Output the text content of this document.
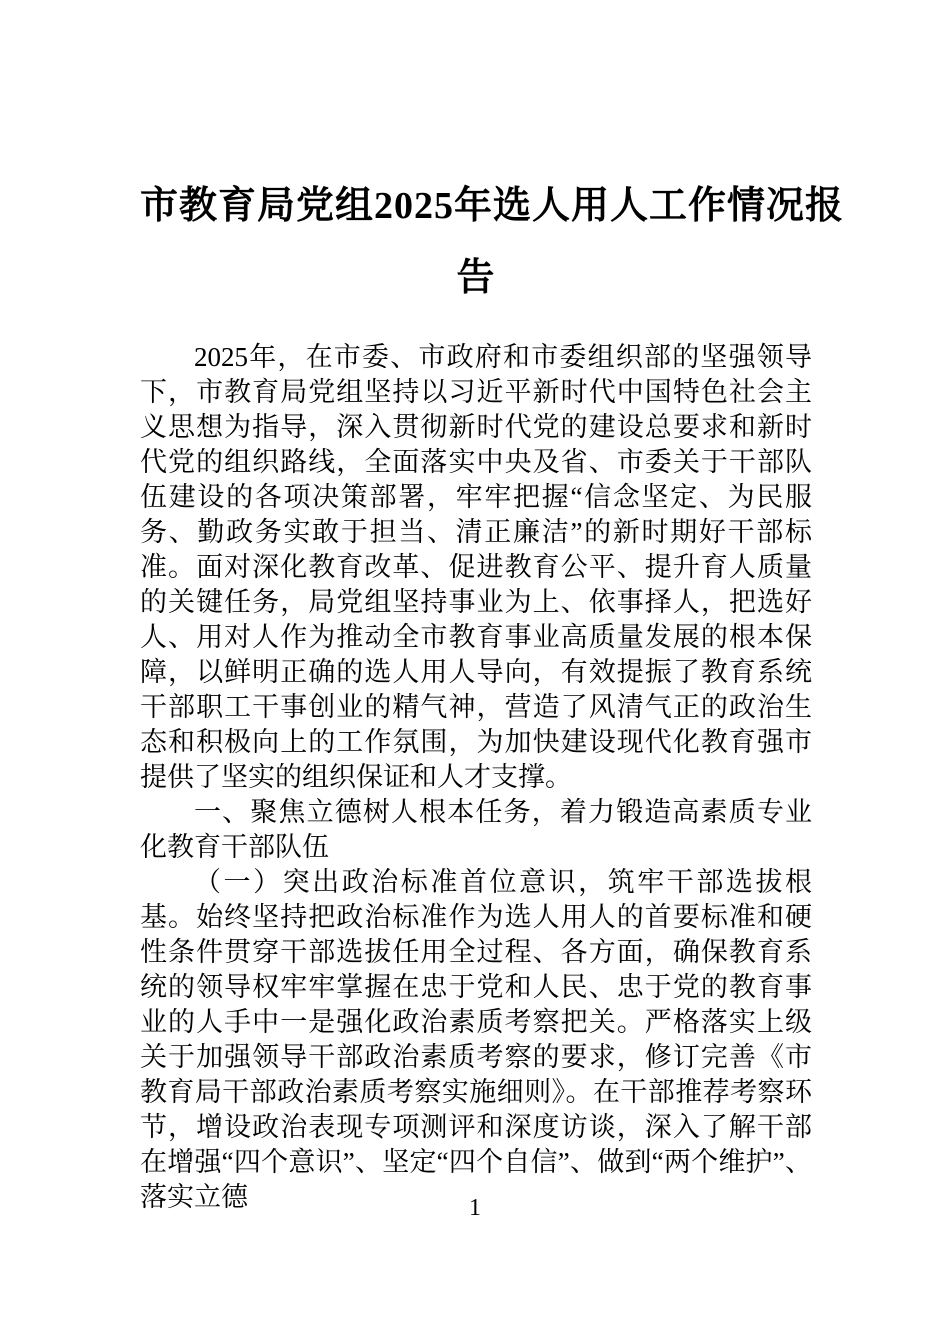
市教育局党组2025年选人用人工作情况报
告

2025年，在市委、市政府和市委组织部的坚强领导下，市教育局党组坚持以习近平新时代中国特色社会主义思想为指导，深入贯彻新时代党的建设总要求和新时代党的组织路线，全面落实中央及省、市委关于干部队伍建设的各项决策部署，牢牢把握“信念坚定、为民服务、勤政务实敢于担当、清正廉洁”的新时期好干部标准。面对深化教育改革、促进教育公平、提升育人质量的关键任务，局党组坚持事业为上、依事择人，把选好人、用对人作为推动全市教育事业高质量发展的根本保障，以鲜明正确的选人用人导向，有效提振了教育系统干部职工干事创业的精气神，营造了风清气正的政治生态和积极向上的工作氛围，为加快建设现代化教育强市提供了坚实的组织保证和人才支撑。

一、聚焦立德树人根本任务，着力锻造高素质专业化教育干部队伍

（一）突出政治标准首位意识，筑牢干部选拔根基。始终坚持把政治标准作为选人用人的首要标准和硬性条件贯穿干部选拔任用全过程、各方面，确保教育系统的领导权牢牢掌握在忠于党和人民、忠于党的教育事业的人手中一是强化政治素质考察把关。严格落实上级关于加强领导干部政治素质考察的要求，修订完善《市教育局干部政治素质考察实施细则》。在干部推荐考察环节，增设政治表现专项测评和深度访谈，深入了解干部在增强“四个意识”、坚定“四个自信”、做到“两个维护”、落实立德	1
